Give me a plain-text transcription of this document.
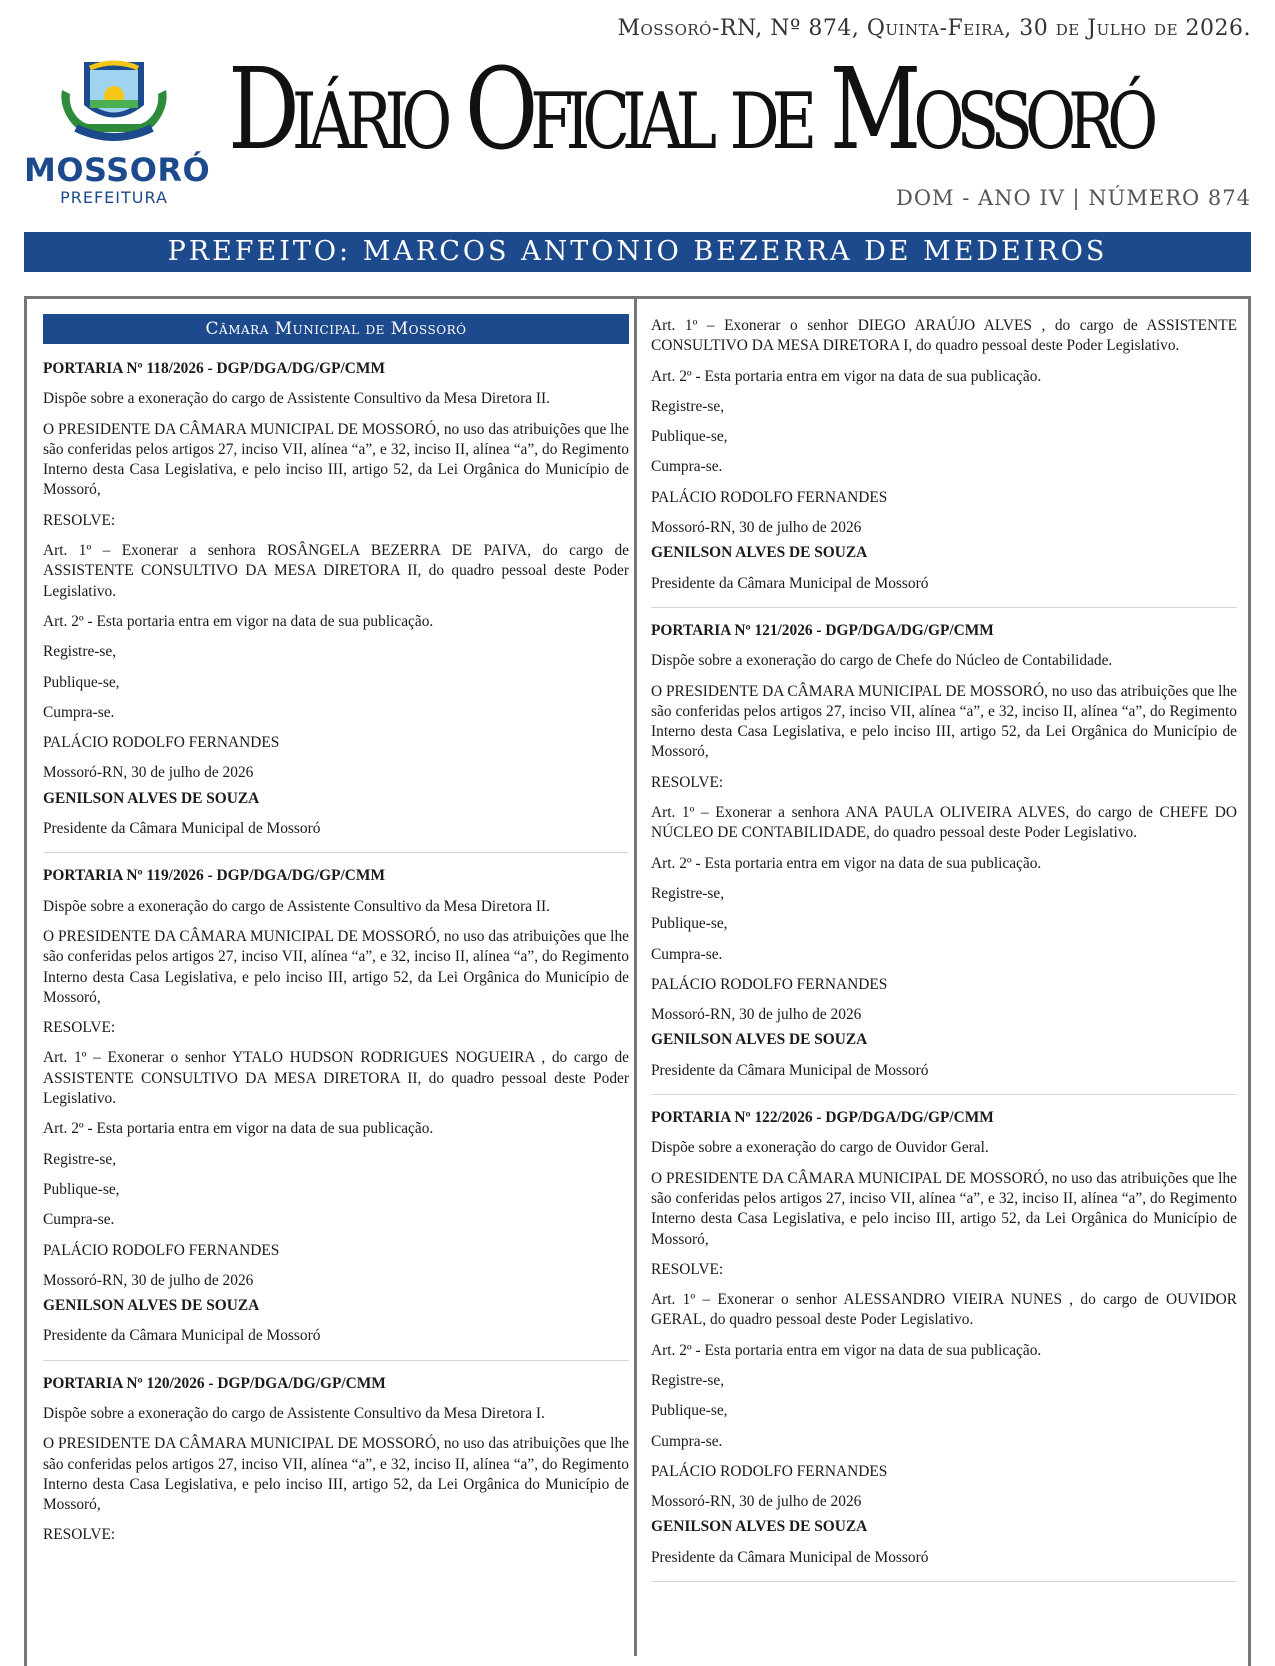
Mossoró-RN, Nº 874, Quinta-Feira, 30 de Julho de 2026.
MOSSORÓ
PREFEITURA
Diário Oficial de Mossoró
DOM - ANO IV | NÚMERO 874
PREFEITO: MARCOS ANTONIO BEZERRA DE MEDEIROS
Câmara Municipal de Mossoró

PORTARIA Nº 118/2026 - DGP/DGA/DG/GP/CMM

Dispõe sobre a exoneração do cargo de Assistente Consultivo da Mesa Diretora II.

O PRESIDENTE DA CÂMARA MUNICIPAL DE MOSSORÓ, no uso das atribuições que lhe são conferidas pelos artigos 27, inciso VII, alínea “a”, e 32, inciso II, alínea “a”, do Regimento Interno desta Casa Legislativa, e pelo inciso III, artigo 52, da Lei Orgânica do Município de Mossoró,

RESOLVE:

Art. 1º – Exonerar a senhora ROSÂNGELA BEZERRA DE PAIVA, do cargo de ASSISTENTE CONSULTIVO DA MESA DIRETORA II, do quadro pessoal deste Poder Legislativo.

Art. 2º - Esta portaria entra em vigor na data de sua publicação.

Registre-se,

Publique-se,

Cumpra-se.

PALÁCIO RODOLFO FERNANDES

Mossoró-RN, 30 de julho de 2026

GENILSON ALVES DE SOUZA

Presidente da Câmara Municipal de Mossoró

PORTARIA Nº 119/2026 - DGP/DGA/DG/GP/CMM

Dispõe sobre a exoneração do cargo de Assistente Consultivo da Mesa Diretora II.

O PRESIDENTE DA CÂMARA MUNICIPAL DE MOSSORÓ, no uso das atribuições que lhe são conferidas pelos artigos 27, inciso VII, alínea “a”, e 32, inciso II, alínea “a”, do Regimento Interno desta Casa Legislativa, e pelo inciso III, artigo 52, da Lei Orgânica do Município de Mossoró,

RESOLVE:

Art. 1º – Exonerar o senhor YTALO HUDSON RODRIGUES NOGUEIRA , do cargo de ASSISTENTE CONSULTIVO DA MESA DIRETORA II, do quadro pessoal deste Poder Legislativo.

Art. 2º - Esta portaria entra em vigor na data de sua publicação.

Registre-se,

Publique-se,

Cumpra-se.

PALÁCIO RODOLFO FERNANDES

Mossoró-RN, 30 de julho de 2026

GENILSON ALVES DE SOUZA

Presidente da Câmara Municipal de Mossoró

PORTARIA Nº 120/2026 - DGP/DGA/DG/GP/CMM

Dispõe sobre a exoneração do cargo de Assistente Consultivo da Mesa Diretora I.

O PRESIDENTE DA CÂMARA MUNICIPAL DE MOSSORÓ, no uso das atribuições que lhe são conferidas pelos artigos 27, inciso VII, alínea “a”, e 32, inciso II, alínea “a”, do Regimento Interno desta Casa Legislativa, e pelo inciso III, artigo 52, da Lei Orgânica do Município de Mossoró,

RESOLVE:

Art. 1º – Exonerar o senhor DIEGO ARAÚJO ALVES , do cargo de ASSISTENTE CONSULTIVO DA MESA DIRETORA I, do quadro pessoal deste Poder Legislativo.

Art. 2º - Esta portaria entra em vigor na data de sua publicação.

Registre-se,

Publique-se,

Cumpra-se.

PALÁCIO RODOLFO FERNANDES

Mossoró-RN, 30 de julho de 2026

GENILSON ALVES DE SOUZA

Presidente da Câmara Municipal de Mossoró

PORTARIA Nº 121/2026 - DGP/DGA/DG/GP/CMM

Dispõe sobre a exoneração do cargo de Chefe do Núcleo de Contabilidade.

O PRESIDENTE DA CÂMARA MUNICIPAL DE MOSSORÓ, no uso das atribuições que lhe são conferidas pelos artigos 27, inciso VII, alínea “a”, e 32, inciso II, alínea “a”, do Regimento Interno desta Casa Legislativa, e pelo inciso III, artigo 52, da Lei Orgânica do Município de Mossoró,

RESOLVE:

Art. 1º – Exonerar a senhora ANA PAULA OLIVEIRA ALVES, do cargo de CHEFE DO NÚCLEO DE CONTABILIDADE, do quadro pessoal deste Poder Legislativo.

Art. 2º - Esta portaria entra em vigor na data de sua publicação.

Registre-se,

Publique-se,

Cumpra-se.

PALÁCIO RODOLFO FERNANDES

Mossoró-RN, 30 de julho de 2026

GENILSON ALVES DE SOUZA

Presidente da Câmara Municipal de Mossoró

PORTARIA Nº 122/2026 - DGP/DGA/DG/GP/CMM

Dispõe sobre a exoneração do cargo de Ouvidor Geral.

O PRESIDENTE DA CÂMARA MUNICIPAL DE MOSSORÓ, no uso das atribuições que lhe são conferidas pelos artigos 27, inciso VII, alínea “a”, e 32, inciso II, alínea “a”, do Regimento Interno desta Casa Legislativa, e pelo inciso III, artigo 52, da Lei Orgânica do Município de Mossoró,

RESOLVE:

Art. 1º – Exonerar o senhor ALESSANDRO VIEIRA NUNES , do cargo de OUVIDOR GERAL, do quadro pessoal deste Poder Legislativo.

Art. 2º - Esta portaria entra em vigor na data de sua publicação.

Registre-se,

Publique-se,

Cumpra-se.

PALÁCIO RODOLFO FERNANDES

Mossoró-RN, 30 de julho de 2026

GENILSON ALVES DE SOUZA

Presidente da Câmara Municipal de Mossoró
